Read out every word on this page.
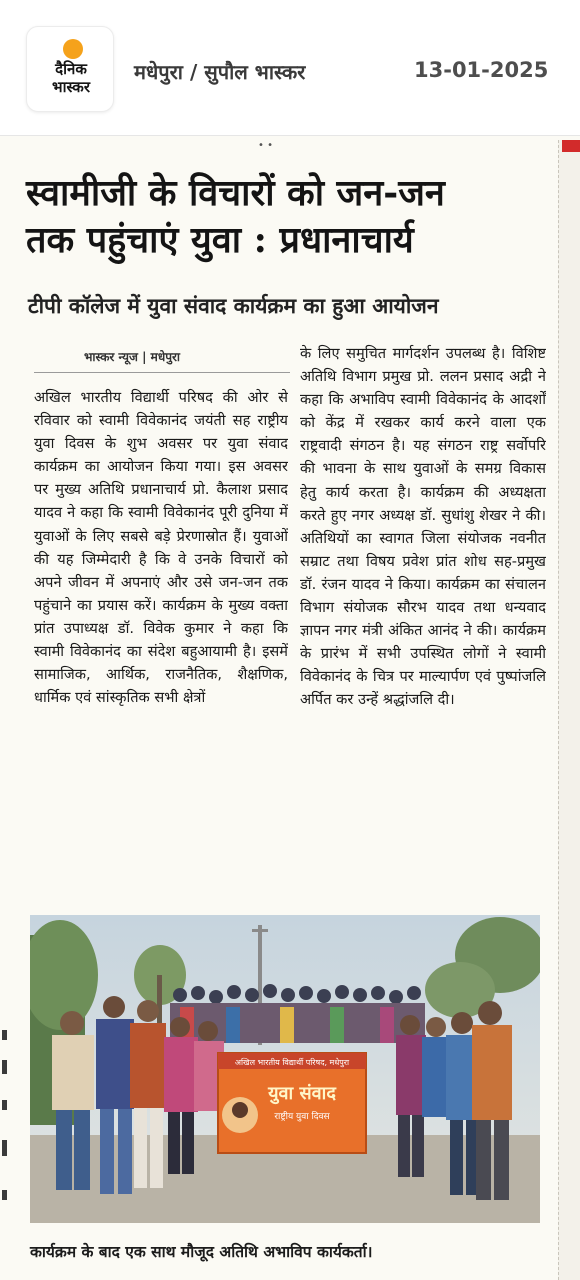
दैनिक
भास्कर
मधेपुरा / सुपौल भास्कर	13-01-2025
• •
स्वामीजी के विचारों को जन-जन
तक पहुंचाएं युवा : प्रधानाचार्य
टीपी कॉलेज में युवा संवाद कार्यक्रम का हुआ आयोजन
भास्कर न्यूज | मधेपुरा
अखिल भारतीय विद्यार्थी परिषद की ओर से रविवार को स्वामी विवेकानंद जयंती सह राष्ट्रीय युवा दिवस के शुभ अवसर पर युवा संवाद कार्यक्रम का आयोजन किया गया। इस अवसर पर मुख्य अतिथि प्रधानाचार्य प्रो. कैलाश प्रसाद यादव ने कहा कि स्वामी विवेकानंद पूरी दुनिया में युवाओं के लिए सबसे बड़े प्रेरणास्रोत हैं। युवाओं की यह जिम्मेदारी है कि वे उनके विचारों को अपने जीवन में अपनाएं और उसे जन-जन तक पहुंचाने का प्रयास करें। कार्यक्रम के मुख्य वक्ता प्रांत उपाध्यक्ष डॉ. विवेक कुमार ने कहा कि स्वामी विवेकानंद का संदेश बहुआयामी है। इसमें सामाजिक, आर्थिक, राजनैतिक, शैक्षणिक, धार्मिक एवं सांस्कृतिक सभी क्षेत्रों
के लिए समुचित मार्गदर्शन उपलब्ध है। विशिष्ट अतिथि विभाग प्रमुख प्रो. ललन प्रसाद अद्री ने कहा कि अभाविप स्वामी विवेकानंद के आदर्शों को केंद्र में रखकर कार्य करने वाला एक राष्ट्रवादी संगठन है। यह संगठन राष्ट्र सर्वोपरि की भावना के साथ युवाओं के समग्र विकास हेतु कार्य करता है। कार्यक्रम की अध्यक्षता करते हुए नगर अध्यक्ष डॉ. सुधांशु शेखर ने की। अतिथियों का स्वागत जिला संयोजक नवनीत सम्राट तथा विषय प्रवेश प्रांत शोध सह-प्रमुख डॉ. रंजन यादव ने किया। कार्यक्रम का संचालन विभाग संयोजक सौरभ यादव तथा धन्यवाद ज्ञापन नगर मंत्री अंकित आनंद ने की। कार्यक्रम के प्रारंभ में सभी उपस्थित लोगों ने स्वामी विवेकानंद के चित्र पर माल्यार्पण एवं पुष्पांजलि अर्पित कर उन्हें श्रद्धांजलि दी।
अखिल भारतीय विद्यार्थी परिषद, मधेपुरा
युवा संवाद
राष्ट्रीय युवा दिवस
कार्यक्रम के बाद एक साथ मौजूद अतिथि अभाविप कार्यकर्ता।
